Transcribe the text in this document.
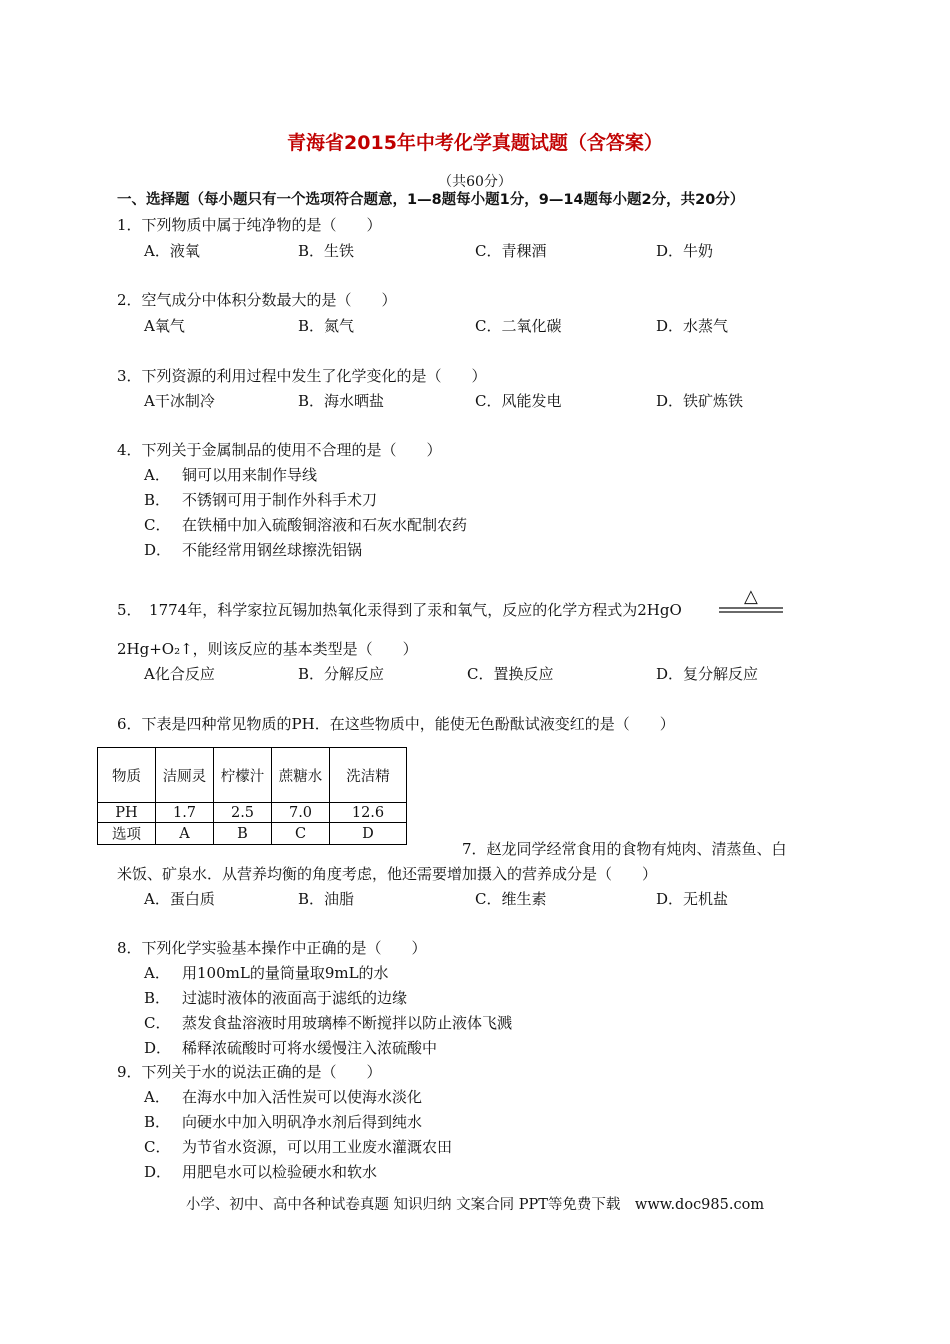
青海省2015年中考化学真题试题（含答案）
（共60分）
一、选择题（每小题只有一个选项符合题意，1—8题每小题1分，9—14题每小题2分，共20分）
1．下列物质中属于纯净物的是（　　）
A．液氧	B．生铁	C．青稞酒	D．牛奶
2．空气成分中体积分数最大的是（　　）
A氧气	B．氮气	C．二氧化碳	D．水蒸气
3．下列资源的利用过程中发生了化学变化的是（　　）
A干冰制冷	B．海水晒盐	C．风能发电	D．铁矿炼铁
4．下列关于金属制品的使用不合理的是（　　）
A． 铜可以用来制作导线
B． 不锈钢可用于制作外科手术刀
C． 在铁桶中加入硫酸铜溶液和石灰水配制农药
D． 不能经常用钢丝球擦洗铝锅
5．　1774年，科学家拉瓦锡加热氧化汞得到了汞和氧气，反应的化学方程式为2HgO
△
2Hg+O₂↑，则该反应的基本类型是（　　）
A化合反应	B．分解反应	C．置换反应	D．复分解反应
6．下表是四种常见物质的PH．在这些物质中，能使无色酚酞试液变红的是（　　）
物质	洁厕灵	柠檬汁	蔗糖水	洗洁精
PH	1.7	2.5	7.0	12.6
选项	A	B	C	D
7．赵龙同学经常食用的食物有炖肉、清蒸鱼、白
米饭、矿泉水．从营养均衡的角度考虑，他还需要增加摄入的营养成分是（　　）
A．蛋白质	B．油脂	C．维生素	D．无机盐
8．下列化学实验基本操作中正确的是（　　）
A． 用100mL的量筒量取9mL的水
B． 过滤时液体的液面高于滤纸的边缘
C． 蒸发食盐溶液时用玻璃棒不断搅拌以防止液体飞溅
D． 稀释浓硫酸时可将水缓慢注入浓硫酸中
9．下列关于水的说法正确的是（　　）
A． 在海水中加入活性炭可以使海水淡化
B． 向硬水中加入明矾净水剂后得到纯水
C． 为节省水资源，可以用工业废水灌溉农田
D． 用肥皂水可以检验硬水和软水
小学、初中、高中各种试卷真题 知识归纳 文案合同 PPT等免费下载　www.doc985.com
